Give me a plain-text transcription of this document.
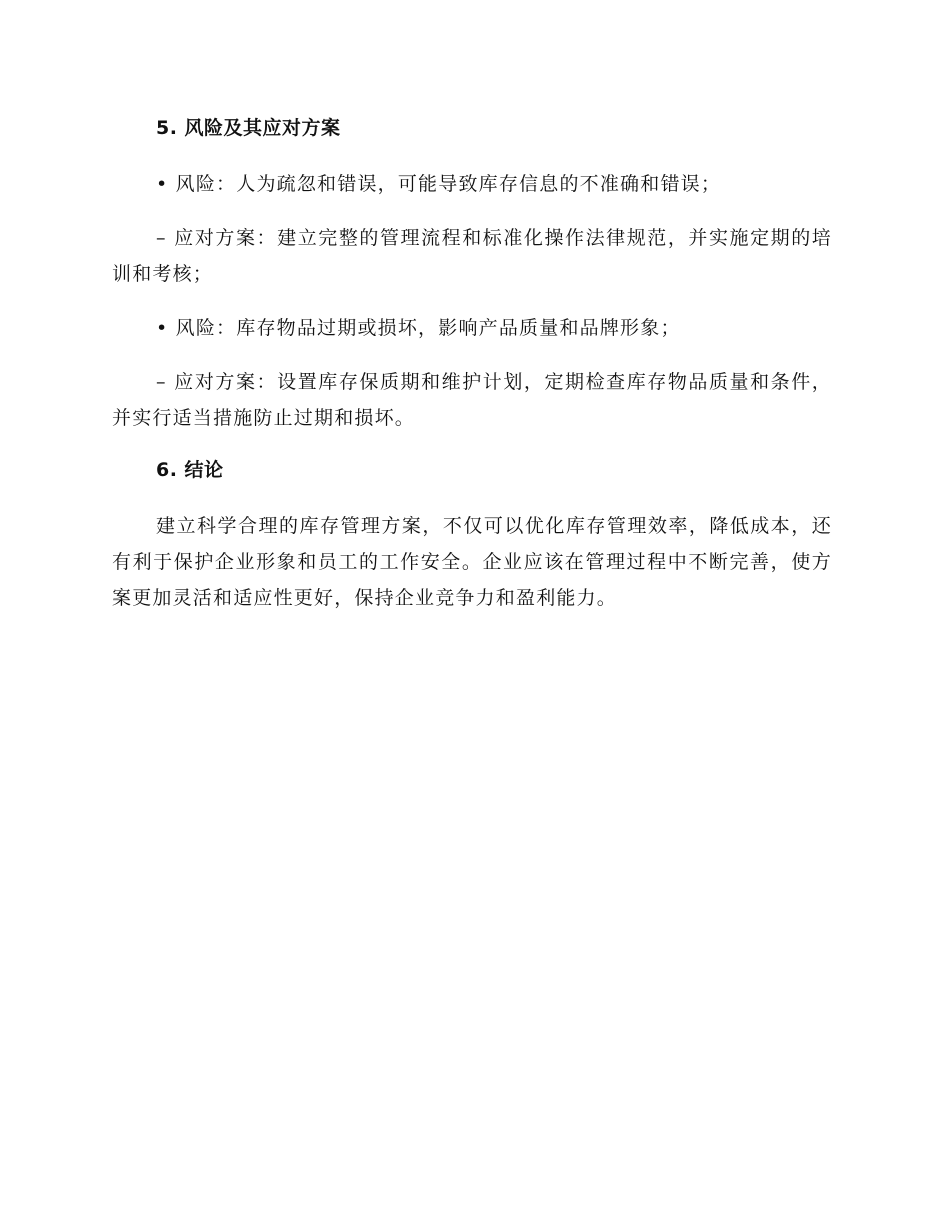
5. 风险及其应对方案

• 风险：人为疏忽和错误，可能导致库存信息的不准确和错误；

– 应对方案：建立完整的管理流程和标准化操作法律规范，并实施定期的培训和考核；

• 风险：库存物品过期或损坏，影响产品质量和品牌形象；

– 应对方案：设置库存保质期和维护计划，定期检查库存物品质量和条件，并实行适当措施防止过期和损坏。

6. 结论

建立科学合理的库存管理方案，不仅可以优化库存管理效率，降低成本，还有利于保护企业形象和员工的工作安全。企业应该在管理过程中不断完善，使方案更加灵活和适应性更好，保持企业竞争力和盈利能力。
